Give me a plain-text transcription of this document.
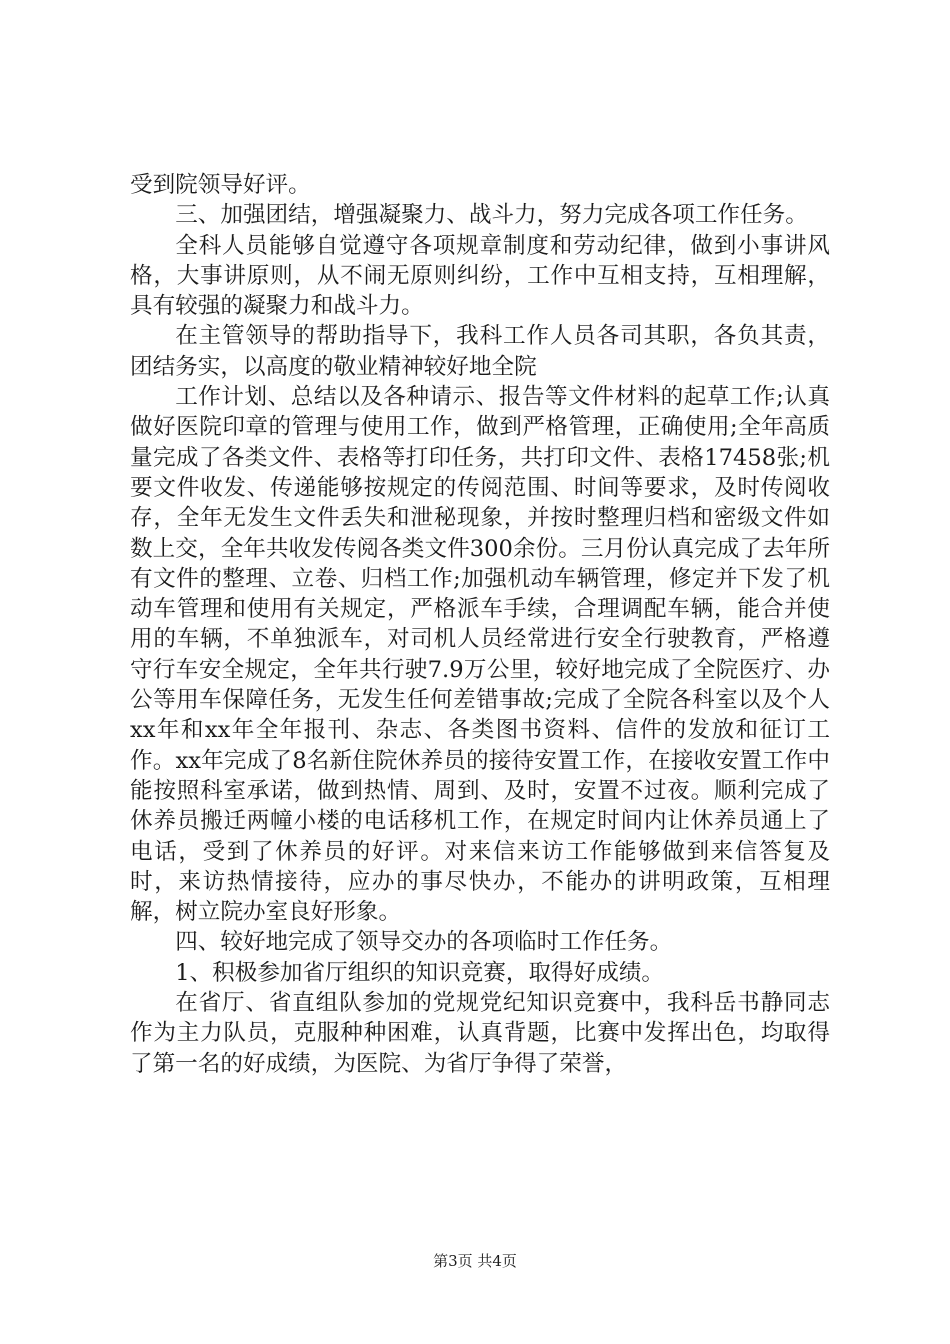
受到院领导好评。

三、加强团结，增强凝聚力、战斗力，努力完成各项工作任务。

全科人员能够自觉遵守各项规章制度和劳动纪律，做到小事讲风格，大事讲原则，从不闹无原则纠纷，工作中互相支持，互相理解，具有较强的凝聚力和战斗力。

在主管领导的帮助指导下，我科工作人员各司其职，各负其责，团结务实，以高度的敬业精神较好地全院

工作计划、总结以及各种请示、报告等文件材料的起草工作;认真做好医院印章的管理与使用工作，做到严格管理，正确使用;全年高质量完成了各类文件、表格等打印任务，共打印文件、表格17458张;机要文件收发、传递能够按规定的传阅范围、时间等要求，及时传阅收存，全年无发生文件丢失和泄秘现象，并按时整理归档和密级文件如数上交，全年共收发传阅各类文件300余份。三月份认真完成了去年所有文件的整理、立卷、归档工作;加强机动车辆管理，修定并下发了机动车管理和使用有关规定，严格派车手续，合理调配车辆，能合并使用的车辆，不单独派车，对司机人员经常进行安全行驶教育，严格遵守行车安全规定，全年共行驶7.9万公里，较好地完成了全院医疗、办公等用车保障任务，无发生任何差错事故;完成了全院各科室以及个人xx年和xx年全年报刊、杂志、各类图书资料、信件的发放和征订工作。xx年完成了8名新住院休养员的接待安置工作，在接收安置工作中能按照科室承诺，做到热情、周到、及时，安置不过夜。顺利完成了休养员搬迁两幢小楼的电话移机工作，在规定时间内让休养员通上了电话，受到了休养员的好评。对来信来访工作能够做到来信答复及时，来访热情接待，应办的事尽快办，不能办的讲明政策，互相理解，树立院办室良好形象。

四、较好地完成了领导交办的各项临时工作任务。

1、积极参加省厅组织的知识竞赛，取得好成绩。

在省厅、省直组队参加的党规党纪知识竞赛中，我科岳书静同志作为主力队员，克服种种困难，认真背题，比赛中发挥出色，均取得了第一名的好成绩，为医院、为省厅争得了荣誉，

第3页 共4页
